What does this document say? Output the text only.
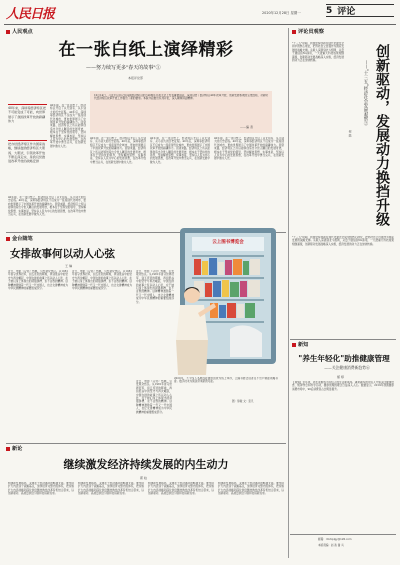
人民日报	2020年12月28日 星期一	5 评论
人民观点
在一张白纸上演绎精彩
——努力续写更多"春天的故事"①
本报评论部
40年来，深圳等经济特区把不可能变成了可能，向世界展示了我国改革开放的磅礴伟力
把办好经济特区作为国家战略，继续鼓励经济特区大胆闯、大胆试，引领改革开放不断走深走实，是我们党推进改革开放的战略安排
10月14日，习近平总书记在深圳经济特区建立40周年庆祝大会上发表重要讲话，深刻总结了经济特区40年改革开放、创新发展积累的宝贵经验，对新时代经济特区改革开放工作提出了新的要求。本版今起推出系列评论，深入阐释讲话精神。
——编 者
40年前，在一张白纸上，经济特区开启了从无到有、从小到大的历史征程。40年后，深圳等经济特区不仅成为一座座现代化城市，更向世界展示了中国改革开放的磅礴伟力。回望来路，经济特区之所以能够创造出令世人瞩目的发展奇迹，根本在于坚持党的领导，坚持解放思想、实事求是，坚持以人民为中心的发展思想，在改革开放中勇当尖兵，在创新发展中敢为人先。
40年前，在一张白纸上，经济特区开启了从无到有、从小到大的历史征程。40年后，深圳等经济特区不仅成为一座座现代化城市，更向世界展示了中国改革开放的磅礴伟力。回望来路，经济特区之所以能够创造出令世人瞩目的发展奇迹，根本在于坚持党的领导，坚持解放思想、实事求是，坚持以人民为中心的发展思想，在改革开放中勇当尖兵，在创新发展中敢为人先。
40年前，在一张白纸上，经济特区开启了从无到有、从小到大的历史征程。40年后，深圳等经济特区不仅成为一座座现代化城市，更向世界展示了中国改革开放的磅礴伟力。回望来路，经济特区之所以能够创造出令世人瞩目的发展奇迹，根本在于坚持党的领导，坚持解放思想、实事求是，坚持以人民为中心的发展思想，在改革开放中勇当尖兵，在创新发展中敢为人先。
40年前，在一张白纸上，经济特区开启了从无到有、从小到大的历史征程。40年后，深圳等经济特区不仅成为一座座现代化城市，更向世界展示了中国改革开放的磅礴伟力。回望来路，经济特区之所以能够创造出令世人瞩目的发展奇迹，根本在于坚持党的领导，坚持解放思想、实事求是，坚持以人民为中心的发展思想，在改革开放中勇当尖兵，在创新发展中敢为人先。
40年前，在一张白纸上，经济特区开启了从无到有、从小到大的历史征程。40年后，深圳等经济特区不仅成为一座座现代化城市，更向世界展示了中国改革开放的磅礴伟力。回望来路，经济特区之所以能够创造出令世人瞩目的发展奇迹，根本在于坚持党的领导，坚持解放思想、实事求是，坚持以人民为中心的发展思想，在改革开放中勇当尖兵，在创新发展中敢为人先。
金台随笔
女排故事何以动人心弦
王 琳
近日，电影《夺冠》热映，引发观众热议。从1981年首夺世界冠军，到五连冠的辉煌，再到低谷中的坚守与再次崛起，中国女排的故事之所以动人心弦，在于她们身上体现出的顽强拼搏、永不言败的精神。这种精神激励着一代又一代中国人，也让女排精神成为中华民族精神的重要组成部分。
近日，电影《夺冠》热映，引发观众热议。从1981年首夺世界冠军，到五连冠的辉煌，再到低谷中的坚守与再次崛起，中国女排的故事之所以动人心弦，在于她们身上体现出的顽强拼搏、永不言败的精神。这种精神激励着一代又一代中国人，也让女排精神成为中华民族精神的重要组成部分。
近日，电影《夺冠》热映，引发观众热议。从1981年首夺世界冠军，到五连冠的辉煌，再到低谷中的坚守与再次崛起，中国女排的故事之所以动人心弦，在于她们身上体现出的顽强拼搏、永不言败的精神。这种精神激励着一代又一代中国人，也让女排精神成为中华民族精神的重要组成部分。
云上图书博览会
2020年，不少线下书展因疫情原因改为线上举办，云端书展让读者足不出户就能领略书香。数字技术为阅读带来新的可能。
图：徐骏 文：张凡
近日，电影《夺冠》热映，引发观众热议。从1981年首夺世界冠军，到五连冠的辉煌，再到低谷中的坚守与再次崛起，中国女排的故事之所以动人心弦，在于她们身上体现出的顽强拼搏、永不言败的精神。这种精神激励着一代又一代中国人，也让女排精神成为中华民族精神的重要组成部分。
新论
继续激发经济持续发展的内生动力
郭 晗
构建新发展格局，关键在于经济循环的畅通无阻。要坚持扩大内需这个战略基点，加快培育完整内需体系，把实施扩大内需战略同深化供给侧结构性改革有机结合起来，以创新驱动、高质量供给引领和创造新需求。
构建新发展格局，关键在于经济循环的畅通无阻。要坚持扩大内需这个战略基点，加快培育完整内需体系，把实施扩大内需战略同深化供给侧结构性改革有机结合起来，以创新驱动、高质量供给引领和创造新需求。
构建新发展格局，关键在于经济循环的畅通无阻。要坚持扩大内需这个战略基点，加快培育完整内需体系，把实施扩大内需战略同深化供给侧结构性改革有机结合起来，以创新驱动、高质量供给引领和创造新需求。
构建新发展格局，关键在于经济循环的畅通无阻。要坚持扩大内需这个战略基点，加快培育完整内需体系，把实施扩大内需战略同深化供给侧结构性改革有机结合起来，以创新驱动、高质量供给引领和创造新需求。
评论员观察
创新驱动，发展动力换挡升级
——"十三五"经济社会发展观察②
何 鼎
"十三五"时期，我国坚持创新在现代化建设全局中的核心地位，把科技自立自强作为国家发展的战略支撑。从载人深潜到北斗组网，从量子通信到5G商用，一大批重大科技成果相继涌现，创新驱动发展战略深入实施，经济发展的动力正在加快转换。
"十三五"时期，我国坚持创新在现代化建设全局中的核心地位，把科技自立自强作为国家发展的战略支撑。从载人深潜到北斗组网，从量子通信到5G商用，一大批重大科技成果相继涌现，创新驱动发展战略深入实施，经济发展的动力正在加快转换。
新知
"养生年轻化"助推健康管理
——关注健康消费新趋势⑥
郁 婷
【观察】近年来，养生逐渐成为年轻人的生活新风尚。越来越多的年轻人开始关注健康饮食、规律作息和科学运动，健康管理的理念日益深入人心。数据显示，2019年我国健康消费市场中，90后消费者占比明显提升。
邮箱：rmrbplgy@126.com
本版责编：赵 政 谢 兵
